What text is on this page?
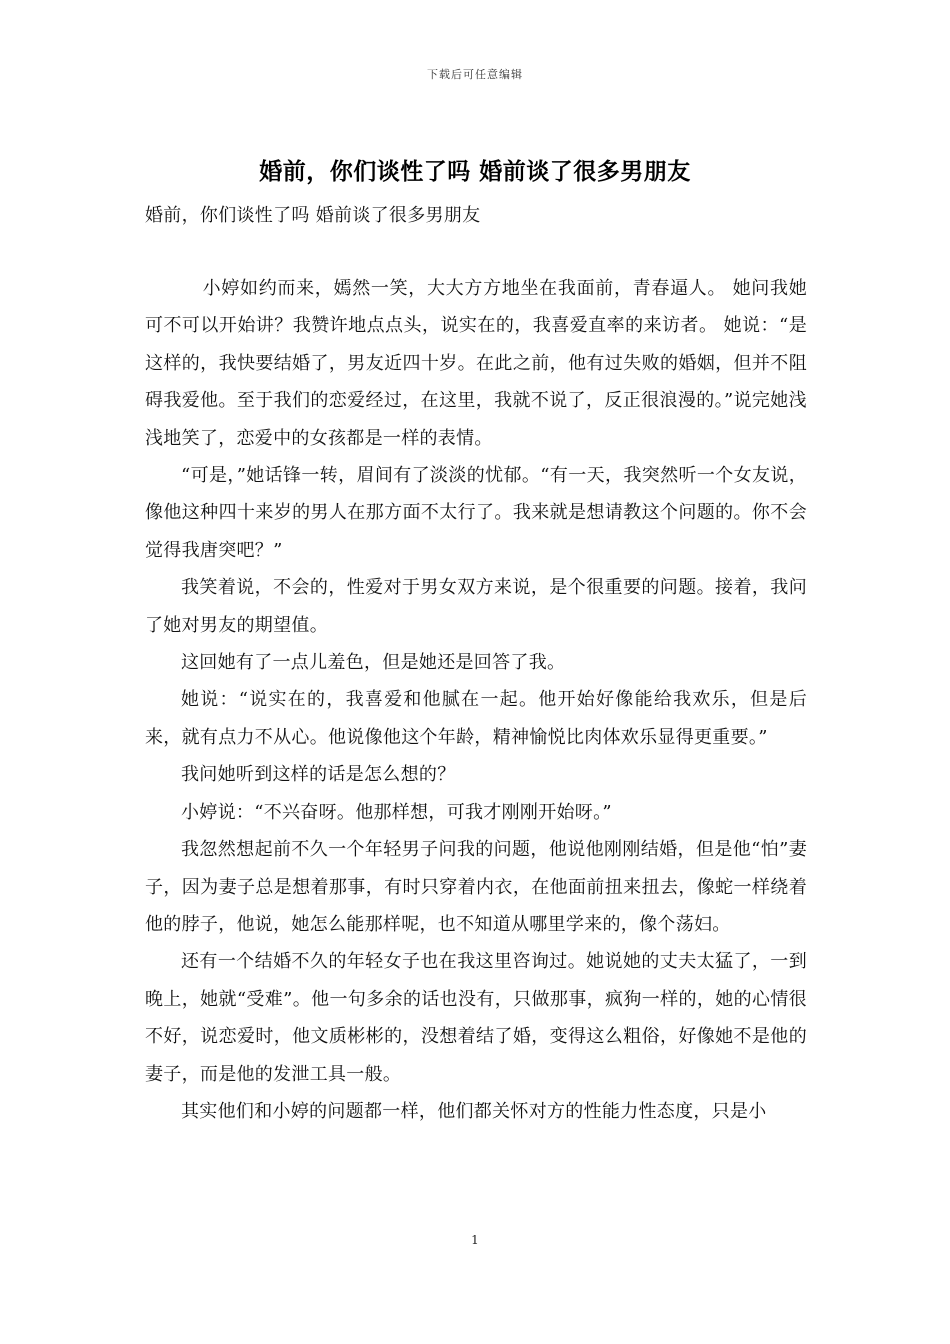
下载后可任意编辑
婚前，你们谈性了吗 婚前谈了很多男朋友
婚前，你们谈性了吗 婚前谈了很多男朋友

小婷如约而来，嫣然一笑，大大方方地坐在我面前，青春逼人。 她问我她可不可以开始讲？我赞许地点点头，说实在的，我喜爱直率的来访者。 她说：“是这样的，我快要结婚了，男友近四十岁。在此之前，他有过失败的婚姻，但并不阻碍我爱他。至于我们的恋爱经过，在这里，我就不说了，反正很浪漫的。”说完她浅浅地笑了，恋爱中的女孩都是一样的表情。

“可是，”她话锋一转，眉间有了淡淡的忧郁。“有一天，我突然听一个女友说，像他这种四十来岁的男人在那方面不太行了。我来就是想请教这个问题的。你不会觉得我唐突吧？”

我笑着说，不会的，性爱对于男女双方来说，是个很重要的问题。接着，我问了她对男友的期望值。

这回她有了一点儿羞色，但是她还是回答了我。

她说：“说实在的，我喜爱和他腻在一起。他开始好像能给我欢乐，但是后来，就有点力不从心。他说像他这个年龄，精神愉悦比肉体欢乐显得更重要。”

我问她听到这样的话是怎么想的？

小婷说：“不兴奋呀。他那样想，可我才刚刚开始呀。”

我忽然想起前不久一个年轻男子问我的问题，他说他刚刚结婚，但是他“怕”妻子，因为妻子总是想着那事，有时只穿着内衣，在他面前扭来扭去，像蛇一样绕着他的脖子，他说，她怎么能那样呢，也不知道从哪里学来的，像个荡妇。

还有一个结婚不久的年轻女子也在我这里咨询过。她说她的丈夫太猛了，一到晚上，她就“受难”。他一句多余的话也没有，只做那事，疯狗一样的，她的心情很不好，说恋爱时，他文质彬彬的，没想着结了婚，变得这么粗俗，好像她不是他的妻子，而是他的发泄工具一般。

其实他们和小婷的问题都一样，他们都关怀对方的性能力性态度，只是小

1
